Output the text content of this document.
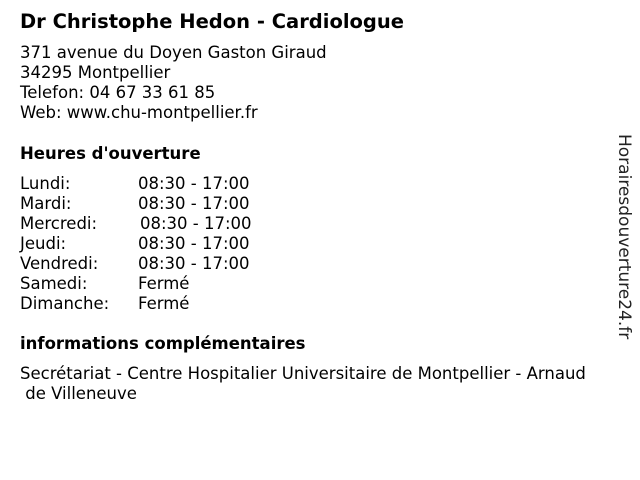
Dr Christophe Hedon - Cardiologue
371 avenue du Doyen Gaston Giraud
34295 Montpellier
Telefon: 04 67 33 61 85
Web: www.chu-montpellier.fr
Heures d'ouverture
Lundi:	08:30 - 17:00
Mardi:	08:30 - 17:00
Mercredi:	08:30 - 17:00
Jeudi:	08:30 - 17:00
Vendredi: 08:30 - 17:00
Samedi:	Fermé
Dimanche: Fermé
informations complémentaires
Secrétariat - Centre Hospitalier Universitaire de Montpellier - Arnaud
de Villeneuve
Horairesdouverture24.fr
